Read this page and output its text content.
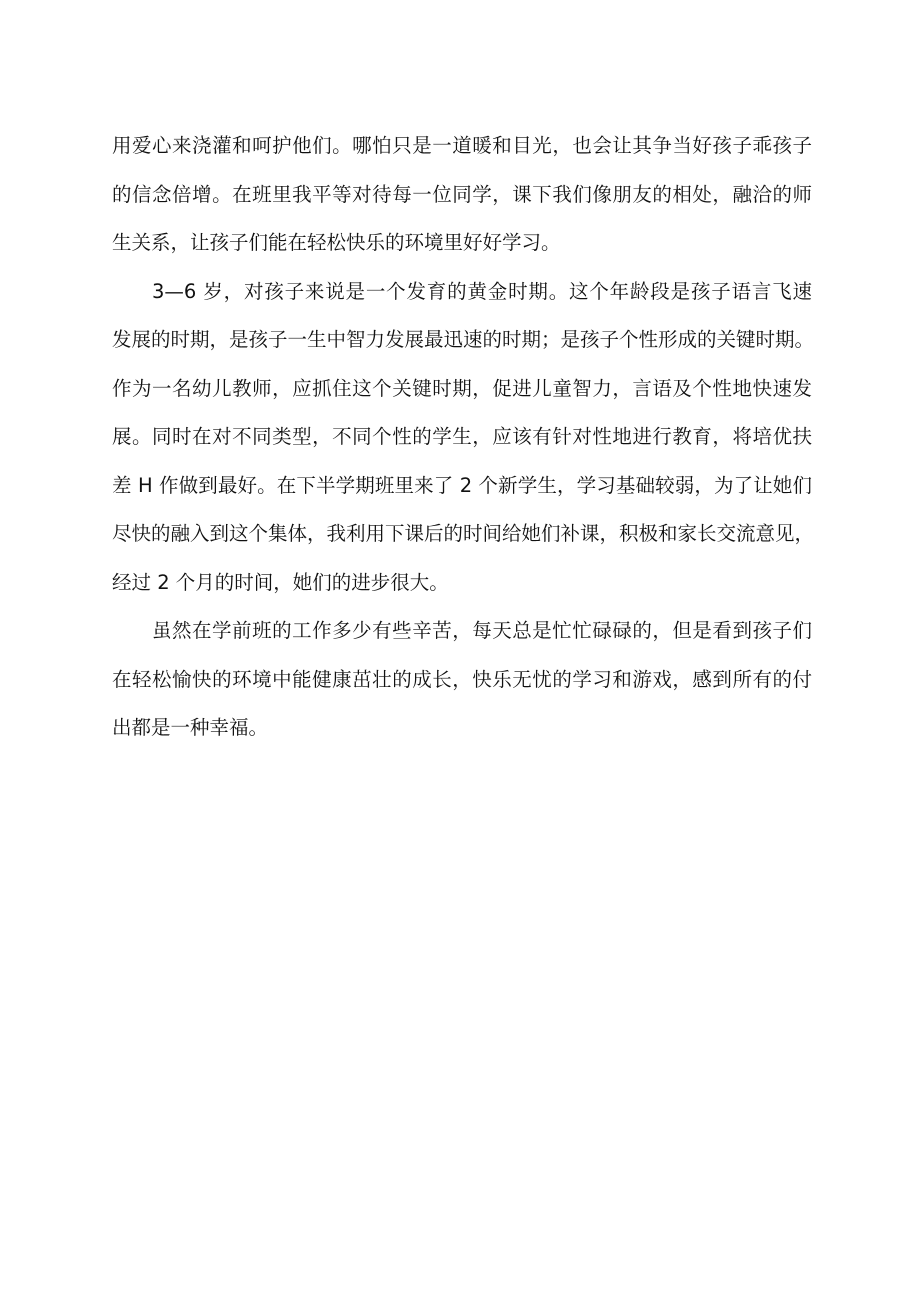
用爱心来浇灌和呵护他们。哪怕只是一道暖和目光，也会让其争当好孩子乖孩子
的信念倍增。在班里我平等对待每一位同学，课下我们像朋友的相处，融洽的师
生关系，让孩子们能在轻松快乐的环境里好好学习。
3—6 岁，对孩子来说是一个发育的黄金时期。这个年龄段是孩子语言飞速
发展的时期，是孩子一生中智力发展最迅速的时期；是孩子个性形成的关键时期。
作为一名幼儿教师，应抓住这个关键时期，促进儿童智力，言语及个性地快速发
展。同时在对不同类型，不同个性的学生，应该有针对性地进行教育，将培优扶
差 H 作做到最好。在下半学期班里来了 2 个新学生，学习基础较弱，为了让她们
尽快的融入到这个集体，我利用下课后的时间给她们补课，积极和家长交流意见，
经过 2 个月的时间，她们的进步很大。
虽然在学前班的工作多少有些辛苦，每天总是忙忙碌碌的，但是看到孩子们
在轻松愉快的环境中能健康茁壮的成长，快乐无忧的学习和游戏，感到所有的付
出都是一种幸福。
